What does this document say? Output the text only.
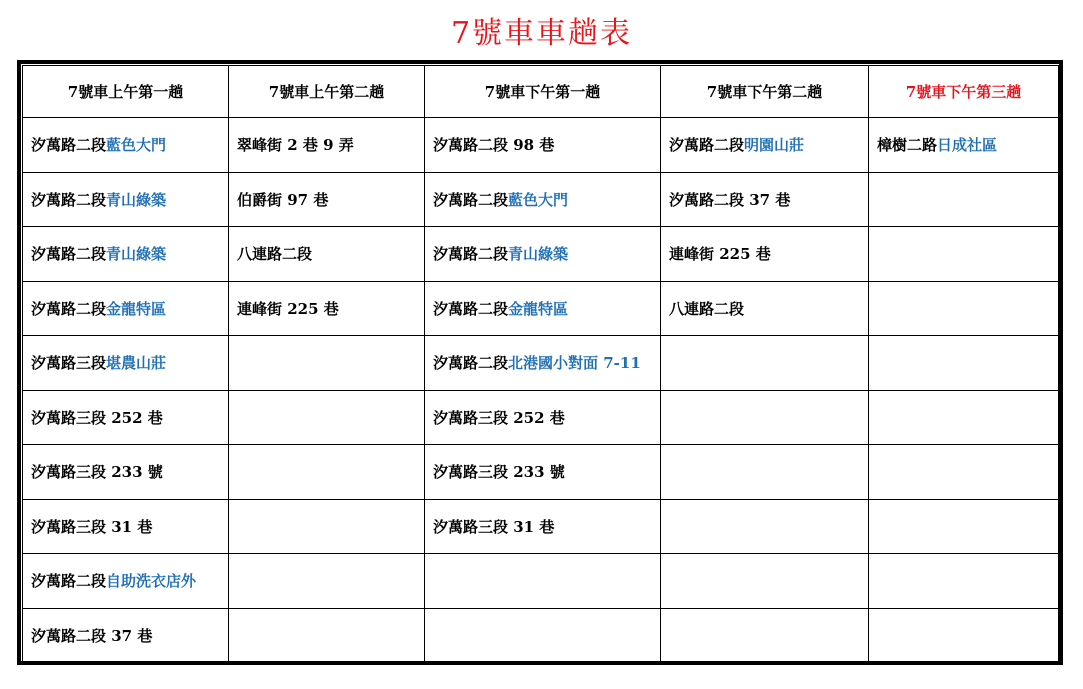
7號車車趟表
7號車上午第一趟	7號車上午第二趟	7號車下午第一趟	7號車下午第二趟	7號車下午第三趟
汐萬路二段藍色大門	翠峰街 2 巷 9 弄	汐萬路二段 98 巷	汐萬路二段明園山莊	樟樹二路日成社區
汐萬路二段青山綠築	伯爵街 97 巷	汐萬路二段藍色大門	汐萬路二段 37 巷	
汐萬路二段青山綠築	八連路二段	汐萬路二段青山綠築	連峰街 225 巷	
汐萬路二段金龍特區	連峰街 225 巷	汐萬路二段金龍特區	八連路二段	
汐萬路三段堪農山莊		汐萬路二段北港國小對面 7-11		
汐萬路三段 252 巷		汐萬路三段 252 巷		
汐萬路三段 233 號		汐萬路三段 233 號		
汐萬路三段 31 巷		汐萬路三段 31 巷		
汐萬路二段自助洗衣店外				
汐萬路二段 37 巷				
